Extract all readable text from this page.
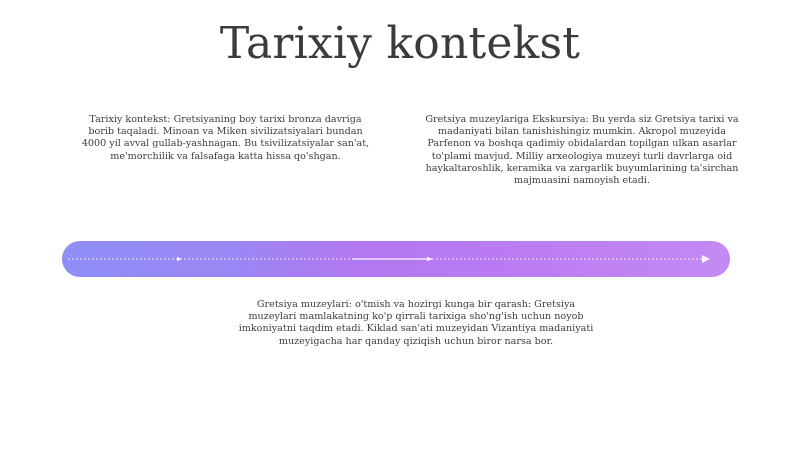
Tarixiy kontekst
Tarixiy kontekst: Gretsiyaning boy tarixi bronza davriga borib taqaladi. Minoan va Miken sivilizatsiyalari bundan 4000 yil avval gullab-yashnagan. Bu tsivilizatsiyalar san'at, me'morchilik va falsafaga katta hissa qo'shgan.
Gretsiya muzeylariga Ekskursiya: Bu yerda siz Gretsiya tarixi va madaniyati bilan tanishishingiz mumkin. Akropol muzeyida Parfenon va boshqa qadimiy obidalardan topilgan ulkan asarlar to'plami mavjud. Milliy arxeologiya muzeyi turli davrlarga oid haykaltaroshlik, keramika va zargarlik buyumlarining ta'sirchan majmuasini namoyish etadi.
Gretsiya muzeylari: o'tmish va hozirgi kunga bir qarash: Gretsiya muzeylari mamlakatning ko'p qirrali tarixiga sho'ng'ish uchun noyob imkoniyatni taqdim etadi. Kiklad san'ati muzeyidan Vizantiya madaniyati muzeyigacha har qanday qiziqish uchun biror narsa bor.
